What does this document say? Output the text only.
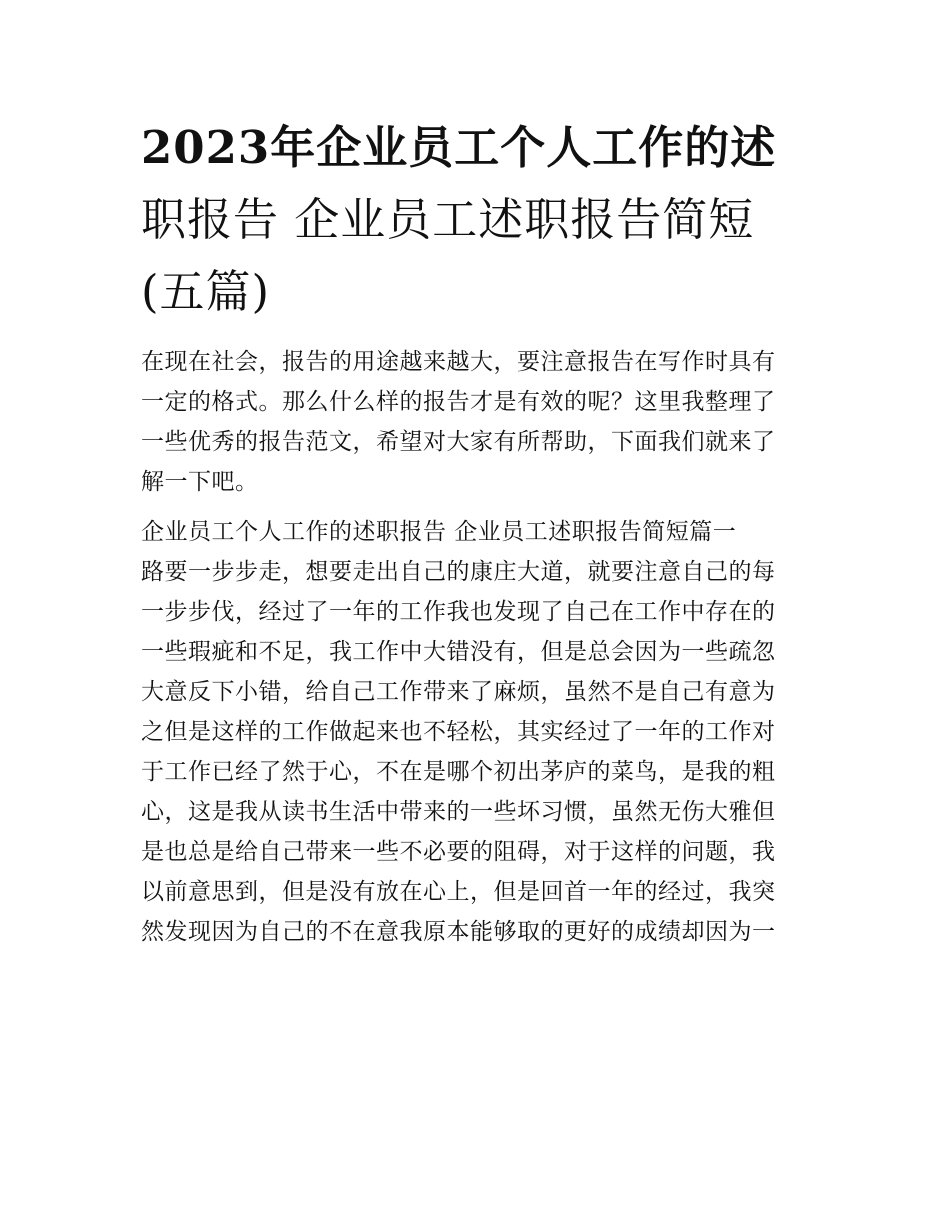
2023年企业员工个人工作的述
职报告 企业员工述职报告简短
(五篇)

在现在社会，报告的用途越来越大，要注意报告在写作时具有
一定的格式。那么什么样的报告才是有效的呢？这里我整理了
一些优秀的报告范文，希望对大家有所帮助，下面我们就来了
解一下吧。

企业员工个人工作的述职报告 企业员工述职报告简短篇一

路要一步步走，想要走出自己的康庄大道，就要注意自己的每
一步步伐，经过了一年的工作我也发现了自己在工作中存在的
一些瑕疵和不足，我工作中大错没有，但是总会因为一些疏忽
大意反下小错，给自己工作带来了麻烦，虽然不是自己有意为
之但是这样的工作做起来也不轻松，其实经过了一年的工作对
于工作已经了然于心，不在是哪个初出茅庐的菜鸟，是我的粗
心，这是我从读书生活中带来的一些坏习惯，虽然无伤大雅但
是也总是给自己带来一些不必要的阻碍，对于这样的问题，我
以前意思到，但是没有放在心上，但是回首一年的经过，我突
然发现因为自己的不在意我原本能够取的更好的成绩却因为一
